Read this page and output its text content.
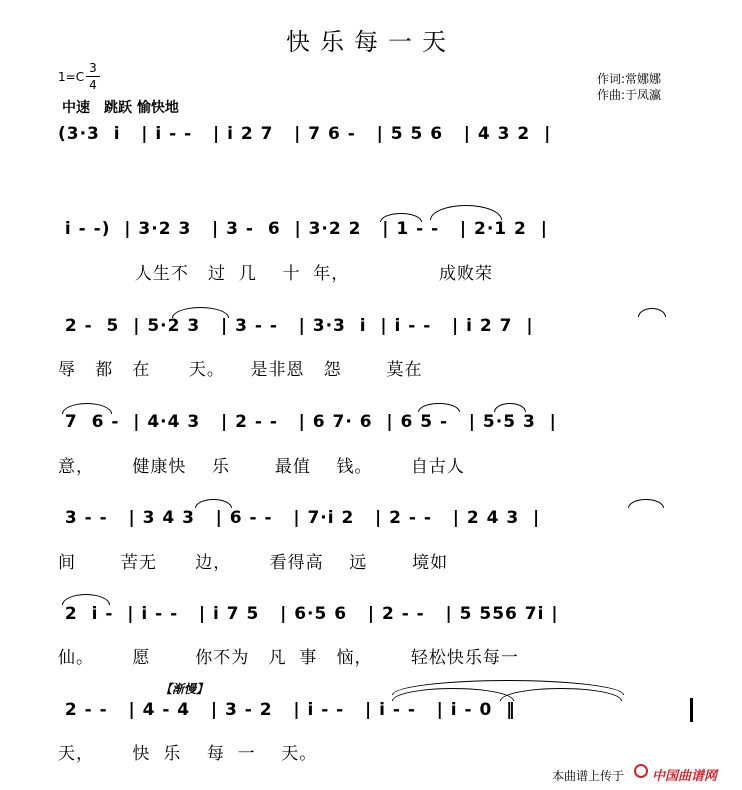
快乐每一天
1=C
3
4
中速　跳跃 愉快地
作词:常娜娜
作曲:于凤瀛
(3·3  i   | i - -   | i 2 7   | 7 6 -   | 5 5 6   | 4 3 2  |
i - -)  | 3·2 3   | 3 -  6  | 3·2 2   | 1 - -   | 2·1 2  |
人生不   过  几    十  年，              成败荣
2 -  5  | 5·2 3   | 3 - -   | 3·3  i  | i - -   | i 2 7  |
辱   都   在      天。    是非恩   怨       莫在
7  6 -  | 4·4 3   | 2 - -   | 6 7· 6  | 6 5 -   | 5·5 3  |
意，      健康快    乐       最值    钱。      自古人
3 - -   | 3 4 3   | 6 - -   | 7·i 2   | 2 - -   | 2 4 3  |
间       苦无      边，      看得高    远       境如
2  i -  | i - -   | i 7 5   | 6·5 6   | 2 - -   | 5 556 7i |
仙。      愿       你不为   凡  事   恼，      轻松快乐每一
【渐慢】
2 - -   | 4 - 4   | 3 - 2   | i - -   | i - -   | i - 0  ‖
天，      快  乐    每  一    天。
本曲谱上传于 中国曲谱网
